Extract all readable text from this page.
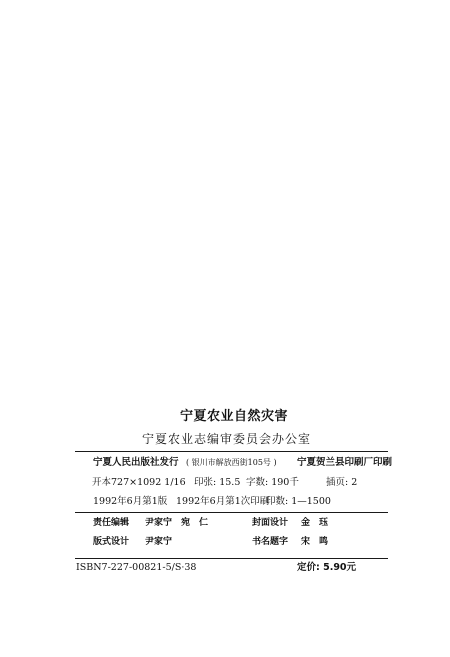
宁夏农业自然灾害
宁夏农业志编审委员会办公室
宁夏人民出版社发行 ( 银川市解放西街105号 ) 宁夏贺兰县印刷厂印刷
开本727×1092 1/16 印张: 15.5 字数: 190千	插页: 2
1992年6月第1版 1992年6月第1次印刷
印数: 1—1500
责任编辑 尹家宁　宛　仁	封面设计 金　珏
版式设计 尹家宁	书名题字 宋　鸣
ISBN7-227-00821-5/S·38	定价: 5.90元
